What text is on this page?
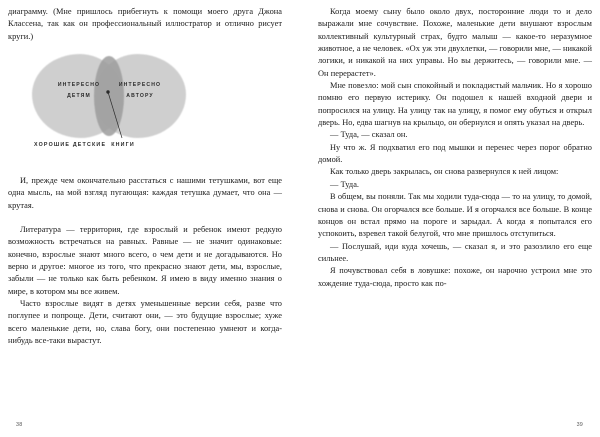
диаграмму. (Мне пришлось прибегнуть к помощи моего друга Джона Классена, так как он профессиональный иллюстратор и отлично рисует круги.)

ИНТЕРЕСНО
ДЕТЯМ
ИНТЕРЕСНО
АВТОРУ
ХОРОШИЕ ДЕТСКИЕ КНИГИ

И, прежде чем окончательно расстаться с нашими тетушками, вот еще одна мысль, на мой взгляд пугающая: каждая тетушка думает, что она — крутая.

Литература — территория, где взрослый и ребенок имеют редкую возможность встречаться на равных. Равные — не значит одинаковые: конечно, взрослые знают много всего, о чем дети и не догадываются. Но верно и другое: многое из того, что прекрасно знают дети, мы, взрослые, забыли — не только как быть ребенком. Я имею в виду именно знания о мире, в котором мы все живем.

Часто взрослые видят в детях уменьшенные версии себя, разве что поглупее и попроще. Дети, считают они, — это будущие взрослые; хуже всего маленькие дети, но, слава богу, они постепенно умнеют и когда-нибудь все-таки вырастут.

38

Когда моему сыну было около двух, посторонние люди то и дело выражали мне сочувствие. Похоже, маленькие дети внушают взрослым коллективный культурный страх, будто малыш — какое-то неразумное животное, а не человек. «Ох уж эти двухлетки, — говорили мне, — никакой логики, и никакой на них управы. Но вы держитесь, — говорили мне. — Он перерастет».

Мне повезло: мой сын спокойный и покладистый мальчик. Но я хорошо помню его первую истерику. Он подошел к нашей входной двери и попросился на улицу. На улицу так на улицу, я помог ему обуться и открыл дверь. Но, едва шагнув на крыльцо, он обернулся и опять указал на дверь.

— Туда, — сказал он.

Ну что ж. Я подхватил его под мышки и перенес через порог обратно домой.

Как только дверь закрылась, он снова развернулся к ней лицом:

— Туда.

В общем, вы поняли. Так мы ходили туда-сюда — то на улицу, то домой, снова и снова. Он огорчался все больше. И я огорчался все больше. В конце концов он встал прямо на пороге и зарыдал. А когда я попытался его успокоить, взревел такой белугой, что мне пришлось отступиться.

— Послушай, иди куда хочешь, — сказал я, и это разозлило его еще сильнее.

Я почувствовал себя в ловушке: похоже, он нарочно устроил мне это хождение туда-сюда, просто как по-

39
